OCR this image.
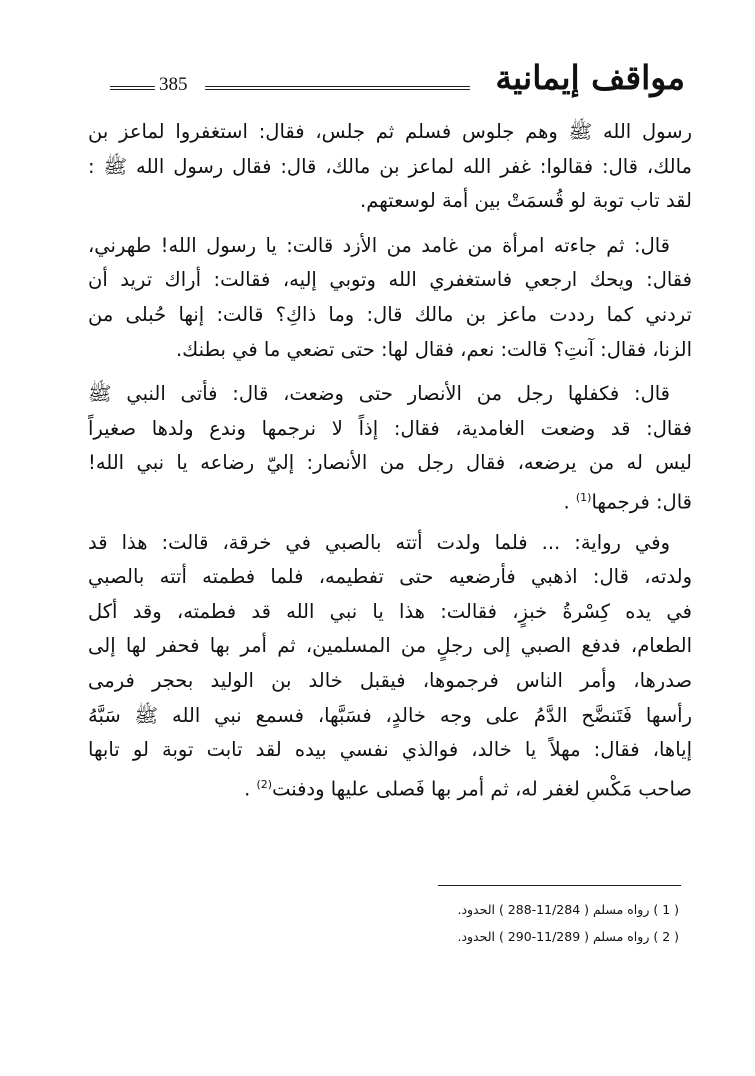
385	مواقف إيمانية
رسول الله ﷺ وهم جلوس فسلم ثم جلس، فقال: استغفروا لماعز بن
مالك، قال: فقالوا: غفر الله لماعز بن مالك، قال: فقال رسول الله ﷺ :
لقد تاب توبة لو قُسمَتْ بين أمة لوسعتهم.
قال: ثم جاءته امرأة من غامد من الأزد قالت: يا رسول الله! طهرني،
فقال: ويحك ارجعي فاستغفري الله وتوبي إليه، فقالت: أراك تريد أن
تردني كما رددت ماعز بن مالك قال: وما ذاكِ؟ قالت: إنها حُبلى من
الزنا، فقال: آنتِ؟ قالت: نعم، فقال لها: حتى تضعي ما في بطنك.
قال: فكفلها رجل من الأنصار حتى وضعت، قال: فأتى النبي ﷺ
فقال: قد وضعت الغامدية، فقال: إذاً لا نرجمها وندع ولدها صغيراً
ليس له من يرضعه، فقال رجل من الأنصار: إليّ رضاعه يا نبي الله!
قال: فرجمها$^{(1)}$ .
وفي رواية: ... فلما ولدت أتته بالصبي في خرقة، قالت: هذا قد
ولدته، قال: اذهبي فأرضعيه حتى تفطيمه، فلما فطمته أتته بالصبي
في يده كِسْرةُ خبزٍ، فقالت: هذا يا نبي الله قد فطمته، وقد أكل
الطعام، فدفع الصبي إلى رجلٍ من المسلمين، ثم أمر بها فحفر لها إلى
صدرها، وأمر الناس فرجموها، فيقبل خالد بن الوليد بحجر فرمى
رأسها فَتَنضَّح الدَّمُ على وجه خالدٍ، فسَبَّها، فسمع نبي الله ﷺ سَبَّهُ
إياها، فقال: مهلاً يا خالد، فوالذي نفسي بيده لقد تابت توبة لو تابها
صاحب مَكْسٍ لغفر له، ثم أمر بها فَصلى عليها ودفنت$^{(2)}$ .
( 1 ) رواه مسلم ( 11/284-288 ) الحدود.
( 2 ) رواه مسلم ( 11/289-290 ) الحدود.
